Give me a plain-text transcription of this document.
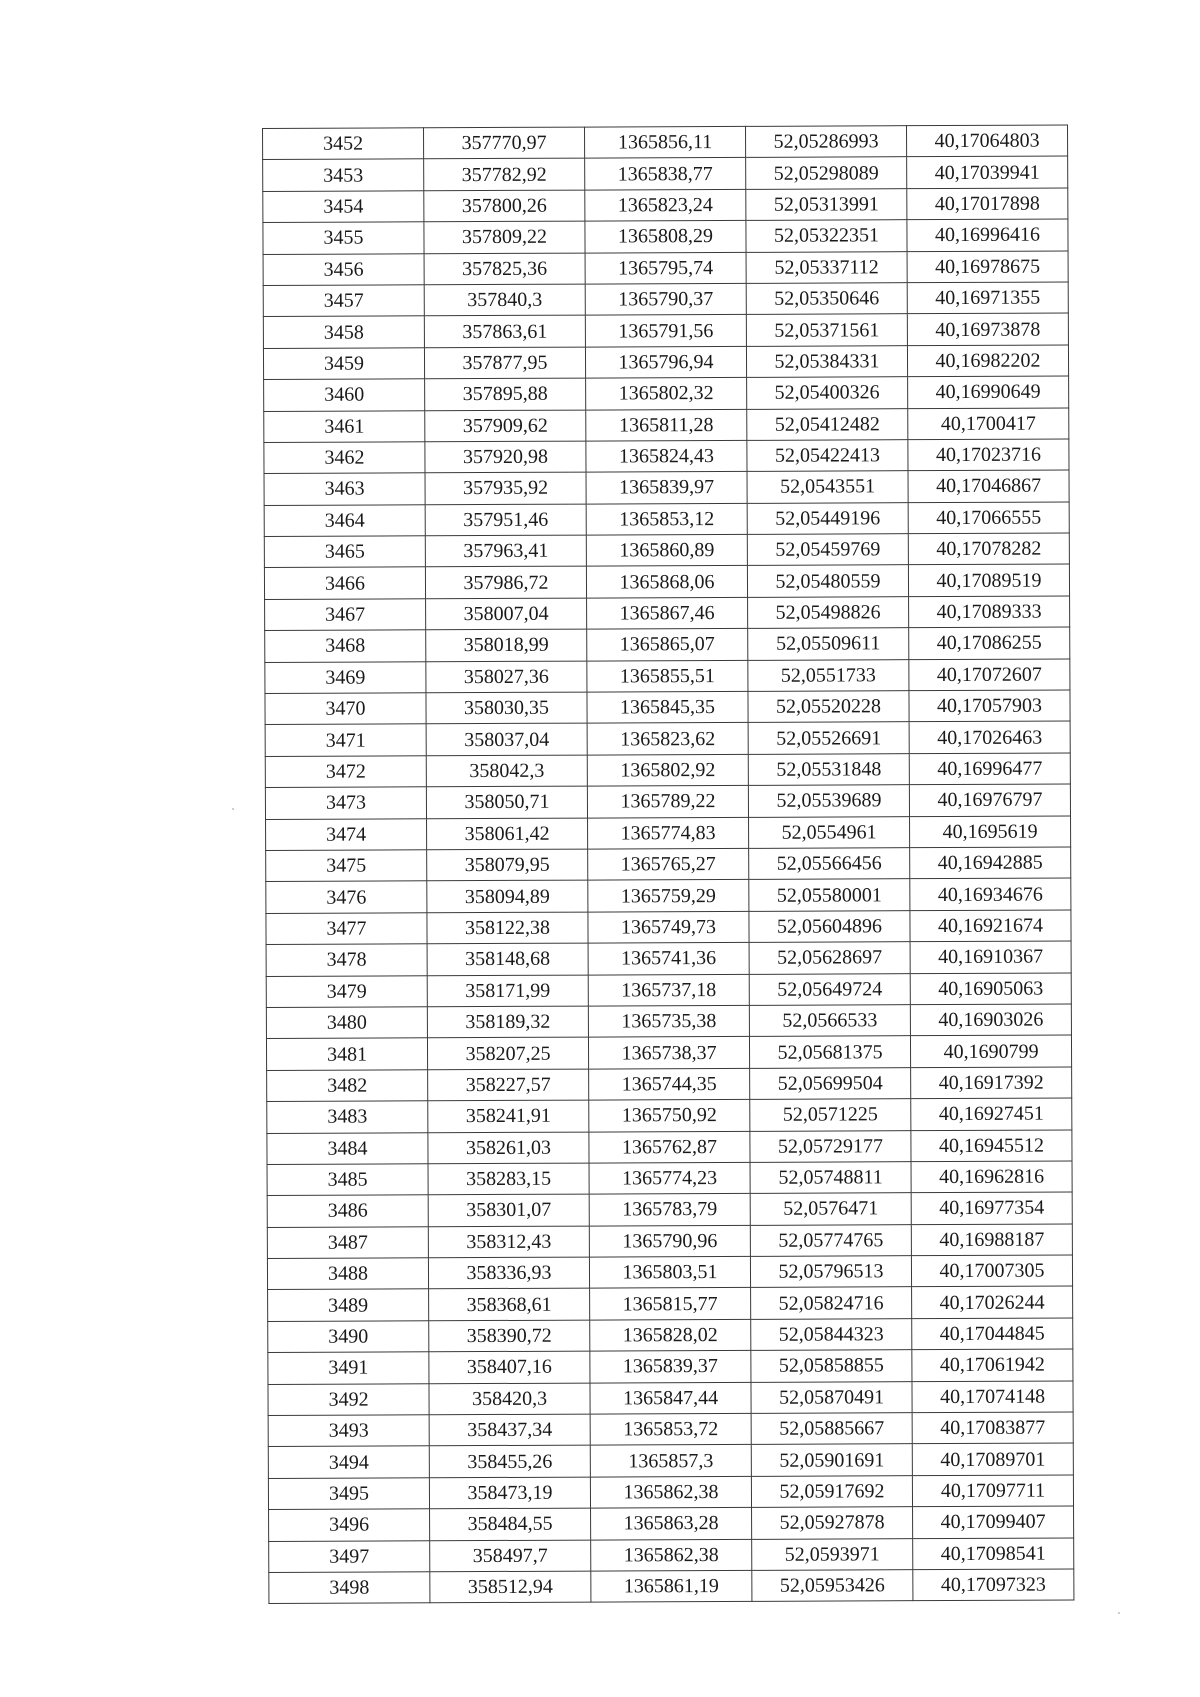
3452	357770,97	1365856,11	52,05286993	40,17064803
3453	357782,92	1365838,77	52,05298089	40,17039941
3454	357800,26	1365823,24	52,05313991	40,17017898
3455	357809,22	1365808,29	52,05322351	40,16996416
3456	357825,36	1365795,74	52,05337112	40,16978675
3457	357840,3	1365790,37	52,05350646	40,16971355
3458	357863,61	1365791,56	52,05371561	40,16973878
3459	357877,95	1365796,94	52,05384331	40,16982202
3460	357895,88	1365802,32	52,05400326	40,16990649
3461	357909,62	1365811,28	52,05412482	40,1700417
3462	357920,98	1365824,43	52,05422413	40,17023716
3463	357935,92	1365839,97	52,0543551	40,17046867
3464	357951,46	1365853,12	52,05449196	40,17066555
3465	357963,41	1365860,89	52,05459769	40,17078282
3466	357986,72	1365868,06	52,05480559	40,17089519
3467	358007,04	1365867,46	52,05498826	40,17089333
3468	358018,99	1365865,07	52,05509611	40,17086255
3469	358027,36	1365855,51	52,0551733	40,17072607
3470	358030,35	1365845,35	52,05520228	40,17057903
3471	358037,04	1365823,62	52,05526691	40,17026463
3472	358042,3	1365802,92	52,05531848	40,16996477
3473	358050,71	1365789,22	52,05539689	40,16976797
3474	358061,42	1365774,83	52,0554961	40,1695619
3475	358079,95	1365765,27	52,05566456	40,16942885
3476	358094,89	1365759,29	52,05580001	40,16934676
3477	358122,38	1365749,73	52,05604896	40,16921674
3478	358148,68	1365741,36	52,05628697	40,16910367
3479	358171,99	1365737,18	52,05649724	40,16905063
3480	358189,32	1365735,38	52,0566533	40,16903026
3481	358207,25	1365738,37	52,05681375	40,1690799
3482	358227,57	1365744,35	52,05699504	40,16917392
3483	358241,91	1365750,92	52,0571225	40,16927451
3484	358261,03	1365762,87	52,05729177	40,16945512
3485	358283,15	1365774,23	52,05748811	40,16962816
3486	358301,07	1365783,79	52,0576471	40,16977354
3487	358312,43	1365790,96	52,05774765	40,16988187
3488	358336,93	1365803,51	52,05796513	40,17007305
3489	358368,61	1365815,77	52,05824716	40,17026244
3490	358390,72	1365828,02	52,05844323	40,17044845
3491	358407,16	1365839,37	52,05858855	40,17061942
3492	358420,3	1365847,44	52,05870491	40,17074148
3493	358437,34	1365853,72	52,05885667	40,17083877
3494	358455,26	1365857,3	52,05901691	40,17089701
3495	358473,19	1365862,38	52,05917692	40,17097711
3496	358484,55	1365863,28	52,05927878	40,17099407
3497	358497,7	1365862,38	52,0593971	40,17098541
3498	358512,94	1365861,19	52,05953426	40,17097323
